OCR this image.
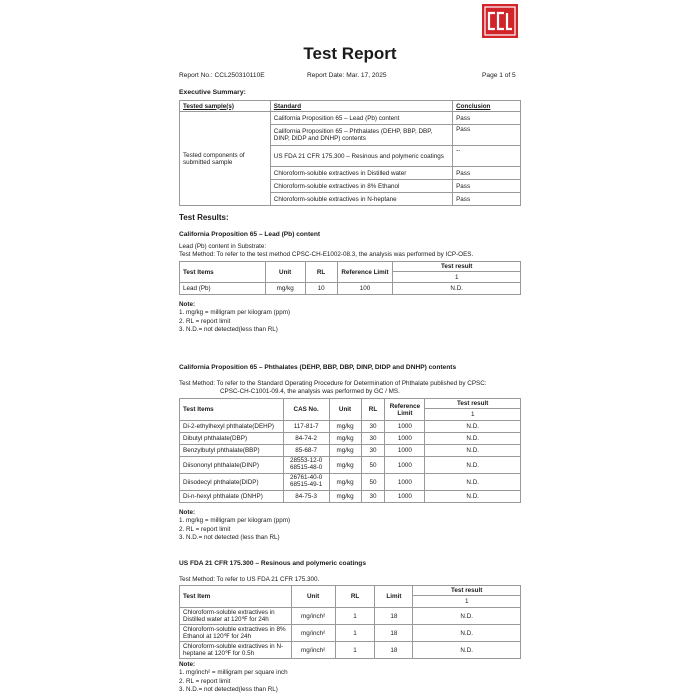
Test Report
Report No.: CCL250310110E	Report Date: Mar. 17, 2025	Page 1 of 5
Executive Summary:
Tested sample(s)	Standard	Conclusion
Tested components of submitted sample	California Proposition 65 – Lead (Pb) content	Pass
	California Proposition 65 – Phthalates (DEHP, BBP, DBP, DINP, DIDP and DNHP) contents	Pass
	US FDA 21 CFR 175.300 – Resinous and polymeric coatings	--
	Chloroform-soluble extractives in Distilled water	Pass
	Chloroform-soluble extractives in 8% Ethanol	Pass
	Chloroform-soluble extractives in N-heptane	Pass
Test Results:
California Proposition 65 – Lead (Pb) content
Lead (Pb) content in Substrate:
Test Method: To refer to the test method CPSC-CH-E1002-08.3, the analysis was performed by ICP-OES.
Test Items	Unit	RL	Reference Limit	Test result
				1
Lead (Pb)	mg/kg	10	100	N.D.
Note:
1. mg/kg = milligram per kilogram (ppm)
2. RL = report limit
3. N.D.= not detected(less than RL)
California Proposition 65 – Phthalates (DEHP, BBP, DBP, DINP, DIDP and DNHP) contents
Test Method: To refer to the Standard Operating Procedure for Determination of Phthalate published by CPSC:
CPSC-CH-C1001-09.4, the analysis was performed by GC / MS.
Test Items	CAS No.	Unit	RL	Reference Limit	Test result
					1
Di-2-ethylhexyl phthalate(DEHP)	117-81-7	mg/kg	30	1000	N.D.
Dibutyl phthalate(DBP)	84-74-2	mg/kg	30	1000	N.D.
Benzylbutyl phthalate(BBP)	85-68-7	mg/kg	30	1000	N.D.
Diisononyl phthalate(DINP)	28553-12-0 68515-48-0	mg/kg	50	1000	N.D.
Diisodecyl phthalate(DIDP)	26761-40-0 68515-49-1	mg/kg	50	1000	N.D.
Di-n-hexyl phthalate (DNHP)	84-75-3	mg/kg	30	1000	N.D.
Note:
1. mg/kg = milligram per kilogram (ppm)
2. RL = report limit
3. N.D.= not detected (less than RL)
US FDA 21 CFR 175.300 – Resinous and polymeric coatings
Test Method: To refer to US FDA 21 CFR 175.300.
Test Item	Unit	RL	Limit	Test result
				1
Chloroform-soluble extractives in Distilled water at 120℉ for 24h	mg/inch²	1	18	N.D.
Chloroform-soluble extractives in 8% Ethanol at 120℉ for 24h	mg/inch²	1	18	N.D.
Chloroform-soluble extractives in N-heptane at 120℉ for 0.5h	mg/inch²	1	18	N.D.
Note:
1. mg/inch² = milligram per square inch
2. RL = report limit
3. N.D.= not detected(less than RL)
